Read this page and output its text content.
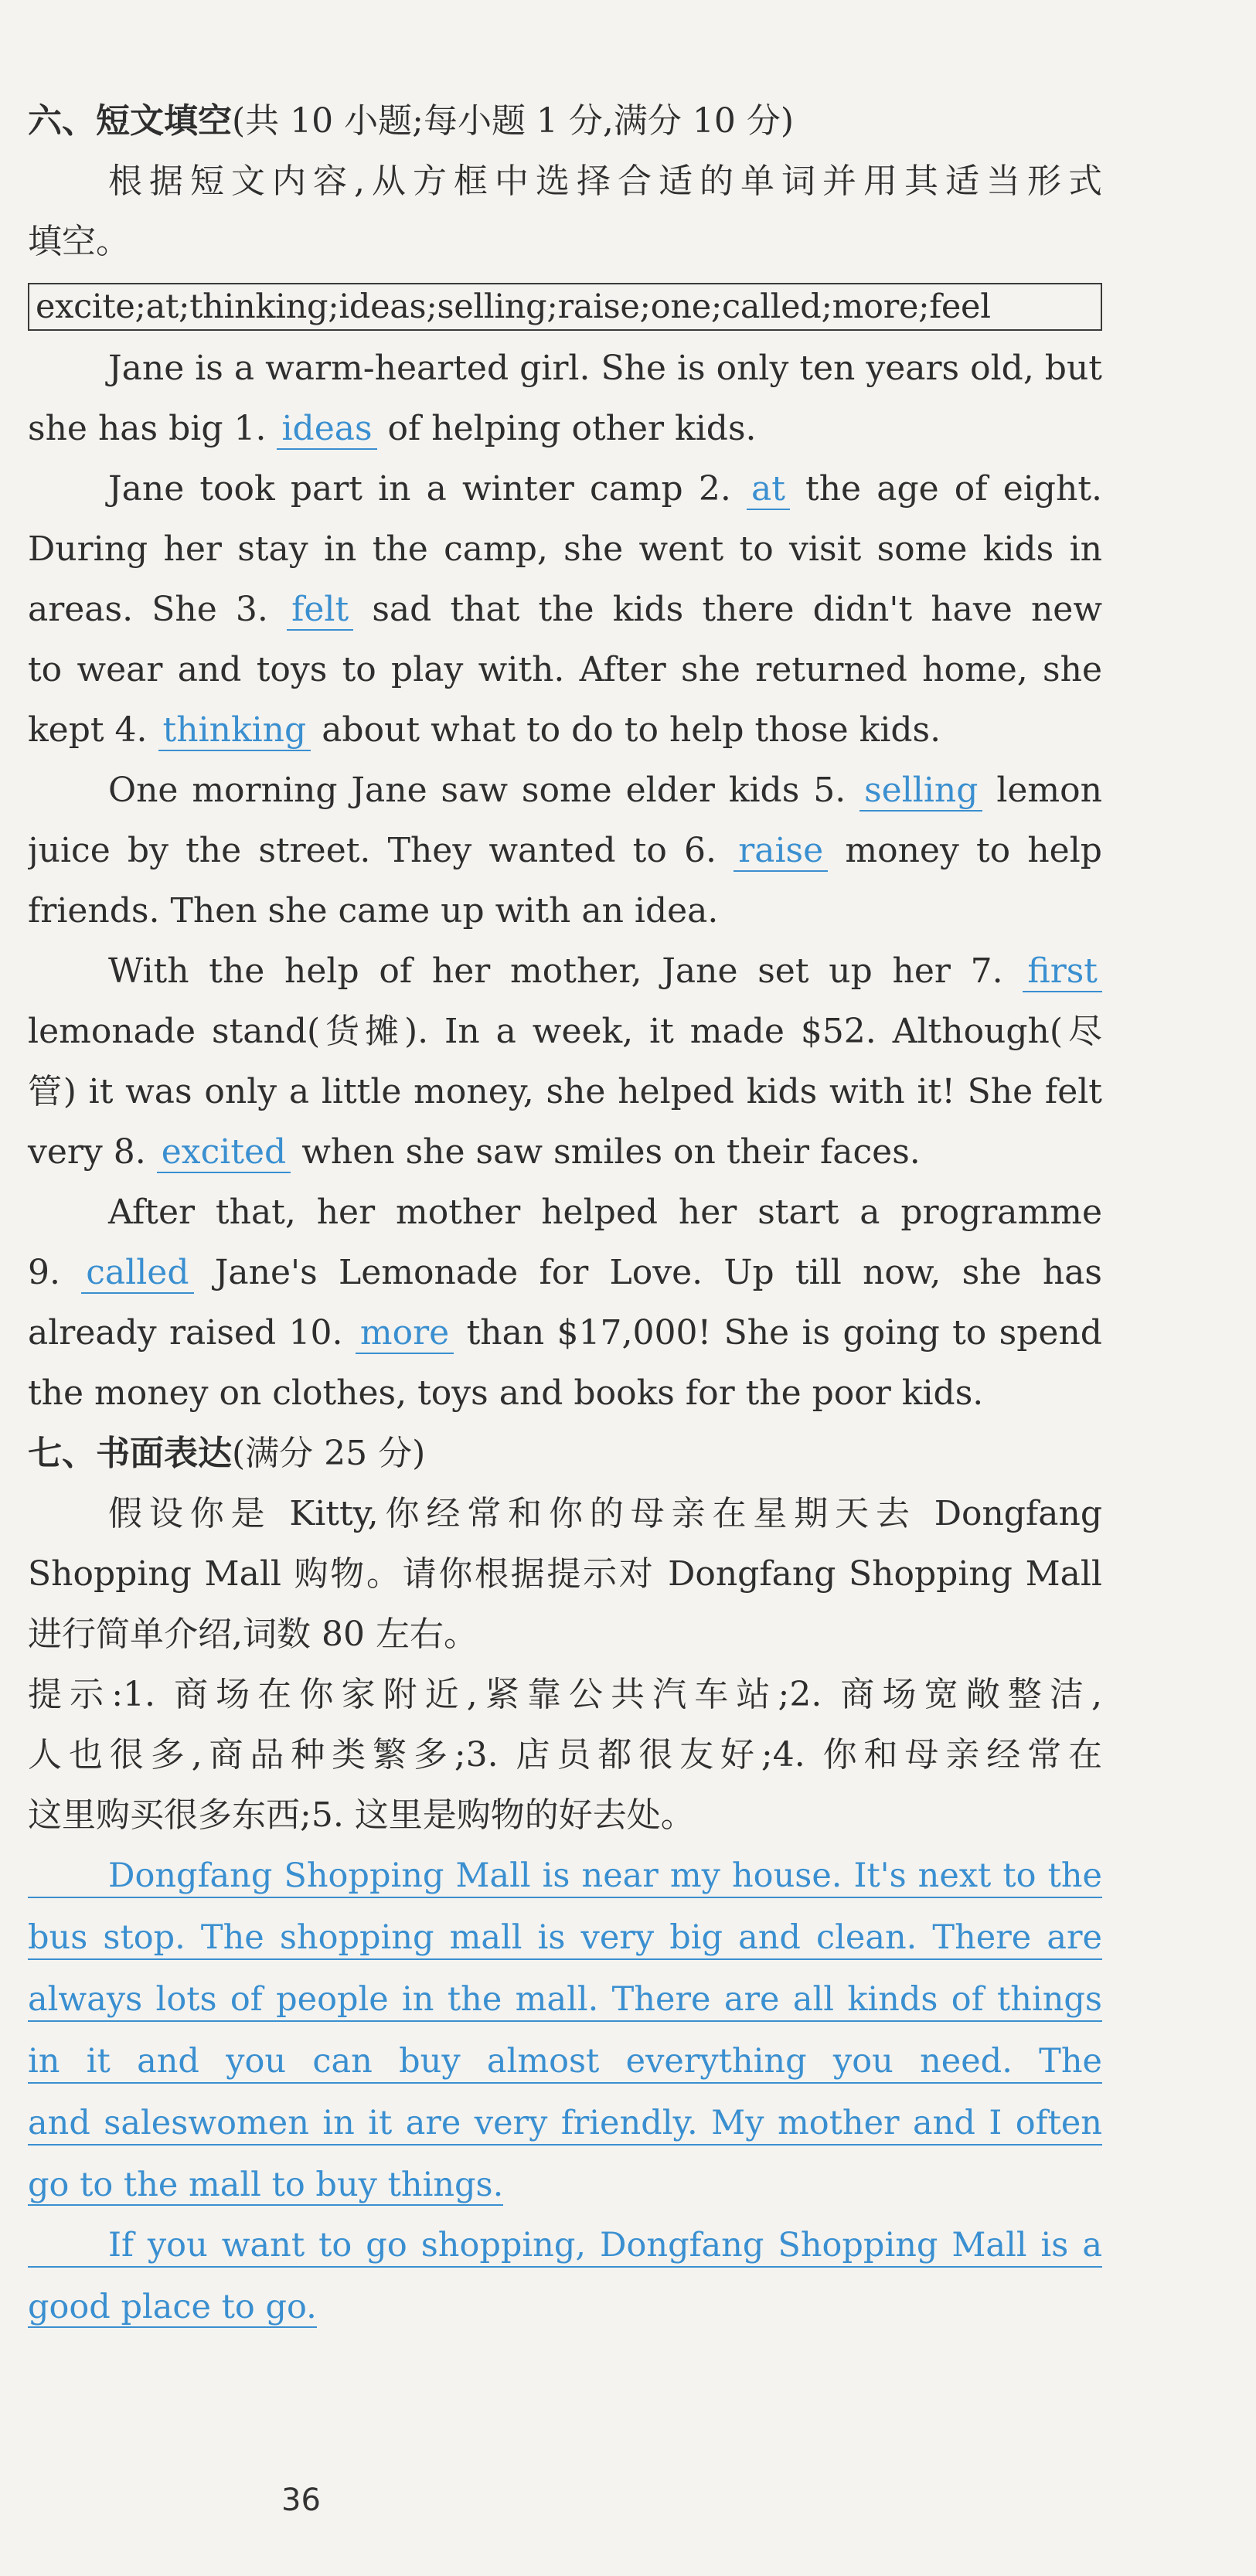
六、短文填空(共 10 小题;每小题 1 分,满分 10 分)
根据短文内容,从方框中选择合适的单词并用其适当形式
填空。
excite;at;thinking;ideas;selling;raise;one;called;more;feel
Jane is a warm-hearted girl. She is only ten years old, but
she has big 1. ideas of helping other kids.
Jane took part in a winter camp 2. at the age of eight.
During her stay in the camp, she went to visit some kids in
areas. She 3. felt sad that the kids there didn't have new
to wear and toys to play with. After she returned home, she
kept 4. thinking about what to do to help those kids.
One morning Jane saw some elder kids 5. selling lemon
juice by the street. They wanted to 6. raise money to help
friends. Then she came up with an idea.
With the help of her mother, Jane set up her 7. first
lemonade stand(货摊). In a week, it made $52. Although(尽
管) it was only a little money, she helped kids with it! She felt
very 8. excited when she saw smiles on their faces.
After that, her mother helped her start a programme
9. called Jane's Lemonade for Love. Up till now, she has
already raised 10. more than $17,000! She is going to spend
the money on clothes, toys and books for the poor kids.
七、书面表达(满分 25 分)
假设你是 Kitty,你经常和你的母亲在星期天去 Dongfang
Shopping Mall 购物。请你根据提示对 Dongfang Shopping Mall
进行简单介绍,词数 80 左右。
提示:1. 商场在你家附近,紧靠公共汽车站;2. 商场宽敞整洁,
人也很多,商品种类繁多;3. 店员都很友好;4. 你和母亲经常在
这里购买很多东西;5. 这里是购物的好去处。
Dongfang Shopping Mall is near my house. It's next to the
bus stop. The shopping mall is very big and clean. There are
always lots of people in the mall. There are all kinds of things
in it and you can buy almost everything you need. The
and saleswomen in it are very friendly. My mother and I often
go to the mall to buy things.
If you want to go shopping, Dongfang Shopping Mall is a
good place to go.
36
